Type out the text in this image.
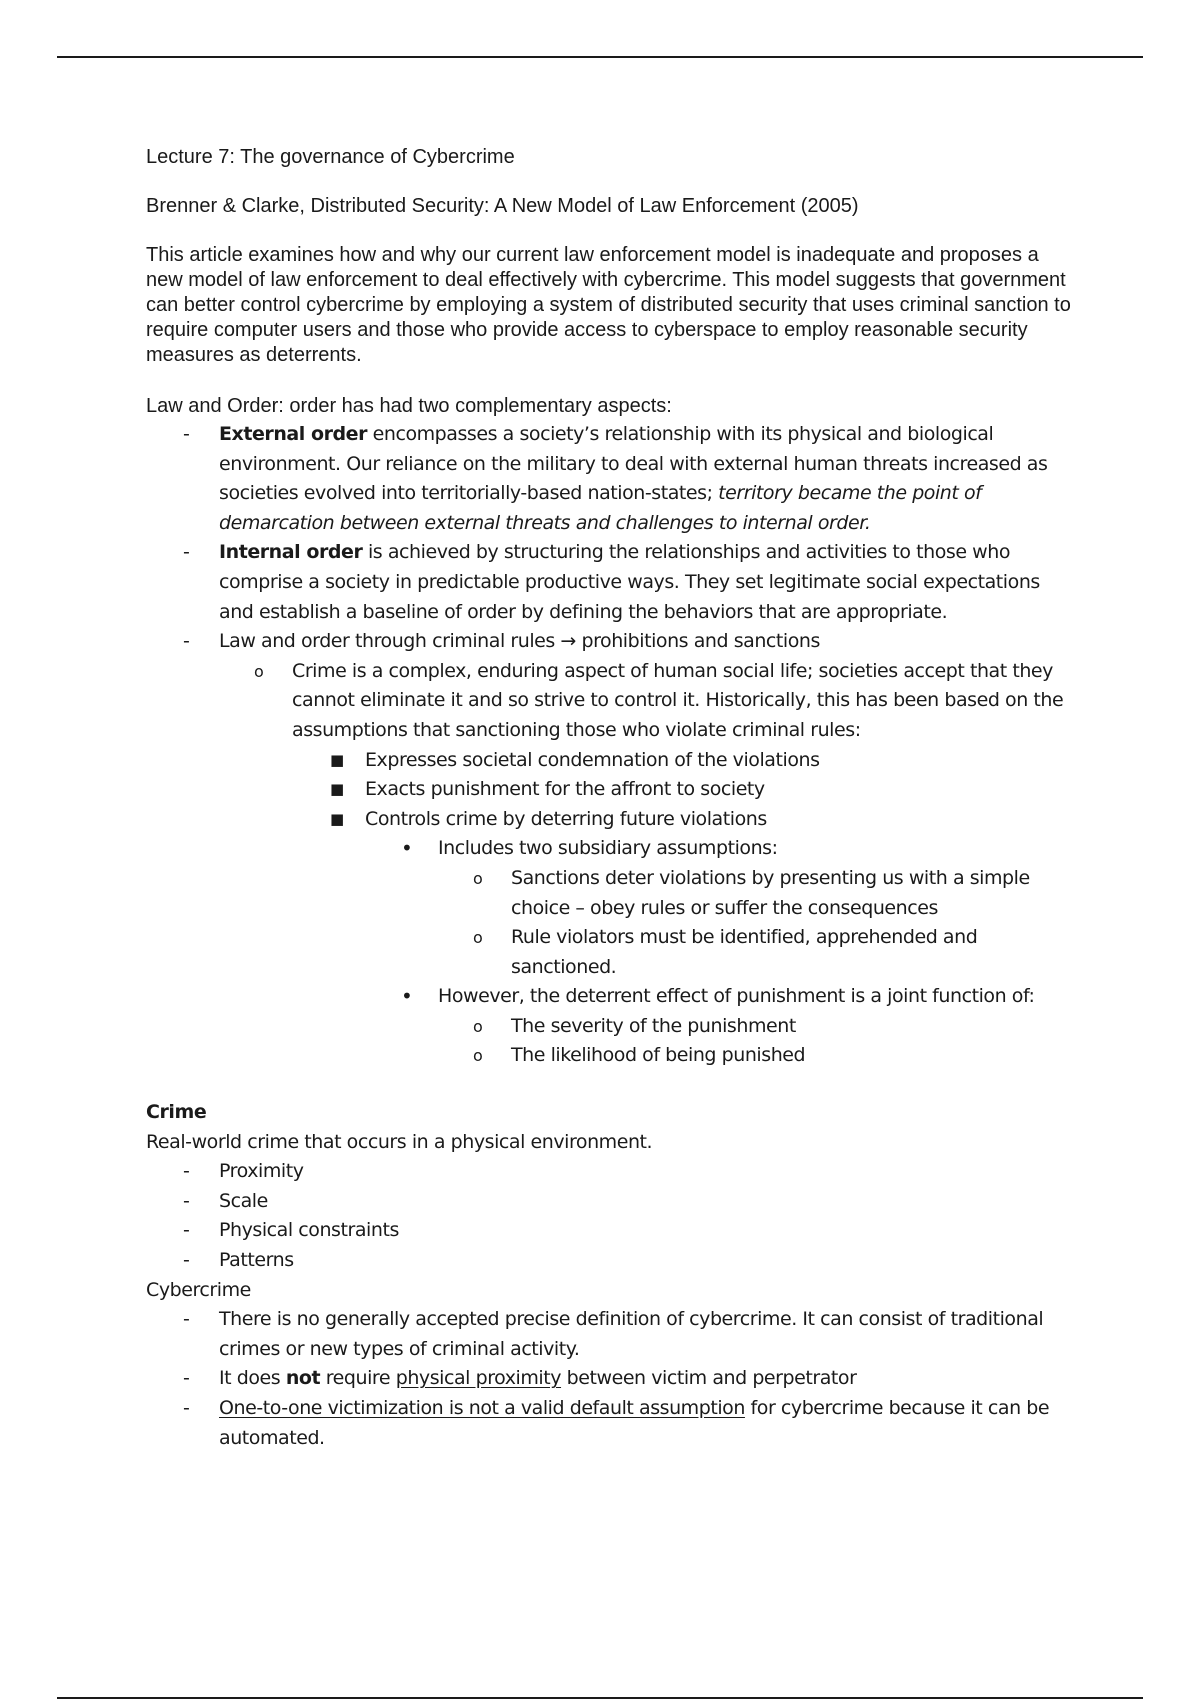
Lecture 7: The governance of Cybercrime

Brenner & Clarke, Distributed Security: A New Model of Law Enforcement (2005)

This article examines how and why our current law enforcement model is inadequate and proposes a new model of law enforcement to deal effectively with cybercrime. This model suggests that government can better control cybercrime by employing a system of distributed security that uses criminal sanction to require computer users and those who provide access to cyberspace to employ reasonable security measures as deterrents.

Law and Order: order has had two complementary aspects:

-	External order encompasses a society’s relationship with its physical and biological environment. Our reliance on the military to deal with external human threats increased as societies evolved into territorially-based nation-states; territory became the point of demarcation between external threats and challenges to internal order.
-	Internal order is achieved by structuring the relationships and activities to those who comprise a society in predictable productive ways. They set legitimate social expectations and establish a baseline of order by defining the behaviors that are appropriate.
-	Law and order through criminal rules → prohibitions and sanctions
o	Crime is a complex, enduring aspect of human social life; societies accept that they cannot eliminate it and so strive to control it. Historically, this has been based on the assumptions that sanctioning those who violate criminal rules:
■	Expresses societal condemnation of the violations
■	Exacts punishment for the affront to society
■	Controls crime by deterring future violations
•	Includes two subsidiary assumptions:
o	Sanctions deter violations by presenting us with a simple choice – obey rules or suffer the consequences
o	Rule violators must be identified, apprehended and sanctioned.
•	However, the deterrent effect of punishment is a joint function of:
o	The severity of the punishment
o	The likelihood of being punished

Crime

Real-world crime that occurs in a physical environment.

-	Proximity
-	Scale
-	Physical constraints
-	Patterns

Cybercrime

-	There is no generally accepted precise definition of cybercrime. It can consist of traditional crimes or new types of criminal activity.
-	It does not require physical proximity between victim and perpetrator
-	One-to-one victimization is not a valid default assumption for cybercrime because it can be automated.
